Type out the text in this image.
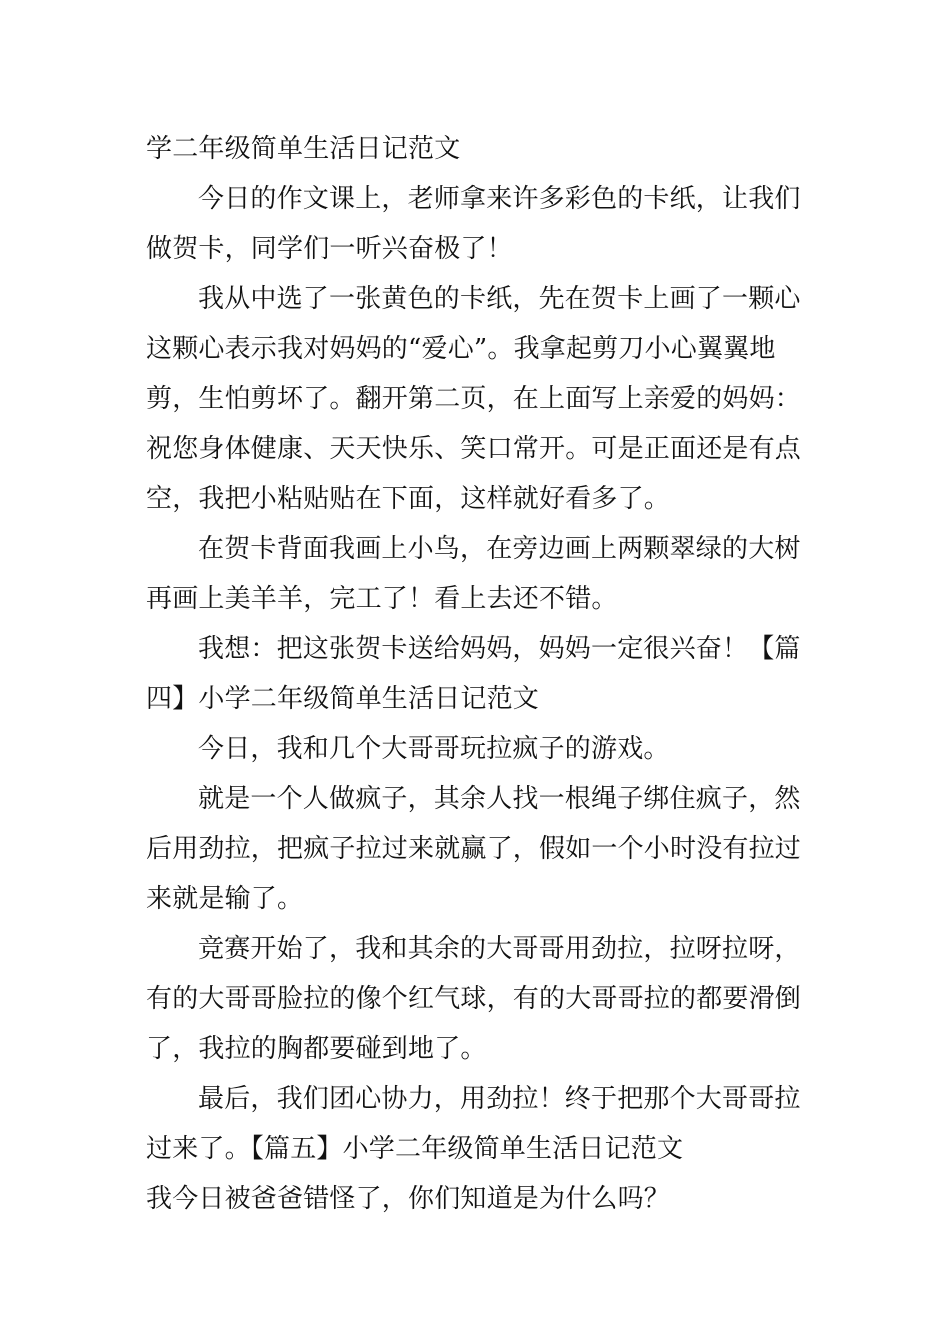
学二年级简单生活日记范文
今日的作文课上，老师拿来许多彩色的卡纸，让我们
做贺卡，同学们一听兴奋极了！
我从中选了一张黄色的卡纸，先在贺卡上画了一颗心
这颗心表示我对妈妈的“爱心”。我拿起剪刀小心翼翼地
剪，生怕剪坏了。翻开第二页，在上面写上亲爱的妈妈：
祝您身体健康、天天快乐、笑口常开。可是正面还是有点
空，我把小粘贴贴在下面，这样就好看多了。
在贺卡背面我画上小鸟，在旁边画上两颗翠绿的大树
再画上美羊羊，完工了！看上去还不错。
我想：把这张贺卡送给妈妈，妈妈一定很兴奋！【篇
四】小学二年级简单生活日记范文
今日，我和几个大哥哥玩拉疯子的游戏。
就是一个人做疯子，其余人找一根绳子绑住疯子，然
后用劲拉，把疯子拉过来就赢了，假如一个小时没有拉过
来就是输了。
竞赛开始了，我和其余的大哥哥用劲拉，拉呀拉呀，
有的大哥哥脸拉的像个红气球，有的大哥哥拉的都要滑倒
了，我拉的胸都要碰到地了。
最后，我们团心协力，用劲拉！终于把那个大哥哥拉
过来了。【篇五】小学二年级简单生活日记范文
我今日被爸爸错怪了，你们知道是为什么吗？
